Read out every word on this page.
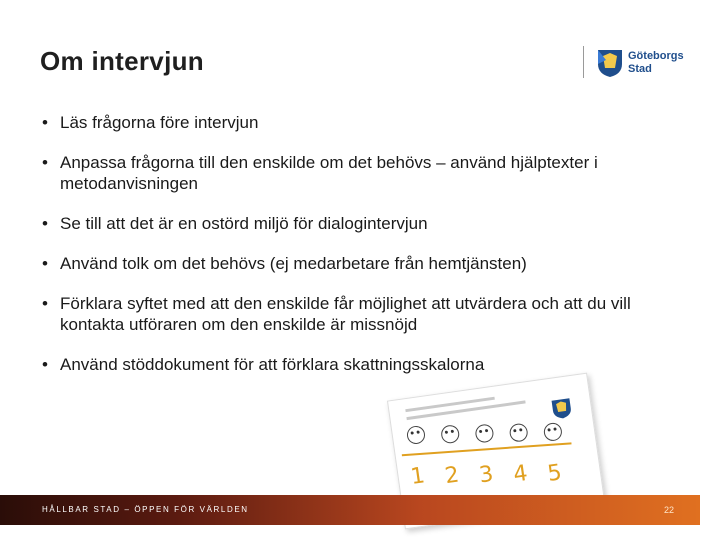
Om intervjun	Göteborgs
Stad
• Läs frågorna före intervjun
• Anpassa frågorna till den enskilde om det behövs – använd hjälptexter i metodanvisningen
• Se till att det är en ostörd miljö för dialogintervjun
• Använd tolk om det behövs (ej medarbetare från hemtjänsten)
• Förklara syftet med att den enskilde får möjlighet att utvärdera och att du vill kontakta utföraren om den enskilde är missnöjd
• Använd stöddokument för att förklara skattningsskalorna
1 2 3 4 5
HÅLLBAR STAD – ÖPPEN FÖR VÄRLDEN	22
